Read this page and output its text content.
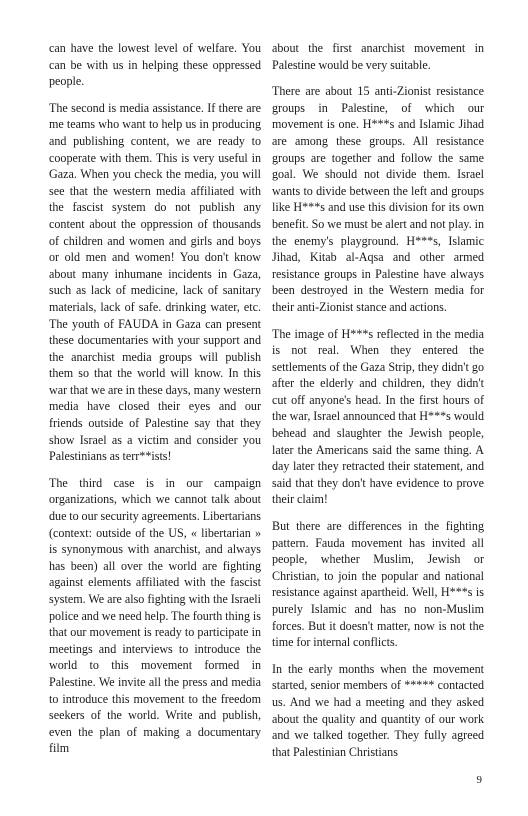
can have the lowest level of welfare. You can be with us in helping these oppressed people.

The second is media assistance. If there are me teams who want to help us in producing and publishing content, we are ready to cooperate with them. This is very useful in Gaza. When you check the media, you will see that the western media affiliated with the fascist system do not publish any content about the oppression of thousands of children and women and girls and boys or old men and women! You don't know about many inhumane incidents in Gaza, such as lack of medicine, lack of sanitary materials, lack of safe. drinking water, etc. The youth of FAUDA in Gaza can present these documentaries with your support and the anarchist media groups will publish them so that the world will know. In this war that we are in these days, many western media have closed their eyes and our friends outside of Palestine say that they show Israel as a victim and consider you Palestinians as terr**ists!

The third case is in our campaign organizations, which we cannot talk about due to our security agreements. Libertarians (context: outside of the US, « libertarian » is synonymous with anarchist, and always has been) all over the world are fighting against elements affiliated with the fascist system. We are also fighting with the Israeli police and we need help. The fourth thing is that our movement is ready to participate in meetings and interviews to introduce the world to this movement formed in Palestine. We invite all the press and media to introduce this movement to the freedom seekers of the world. Write and publish, even the plan of making a documentary film

about the first anarchist movement in Palestine would be very suitable.

There are about 15 anti-Zionist resistance groups in Palestine, of which our movement is one. H***s and Islamic Jihad are among these groups. All resistance groups are together and follow the same goal. We should not divide them. Israel wants to divide between the left and groups like H***s and use this division for its own benefit. So we must be alert and not play. in the enemy's playground. H***s, Islamic Jihad, Kitab al-Aqsa and other armed resistance groups in Palestine have always been destroyed in the Western media for their anti-Zionist stance and actions.

The image of H***s reflected in the media is not real. When they entered the settlements of the Gaza Strip, they didn't go after the elderly and children, they didn't cut off anyone's head. In the first hours of the war, Israel announced that H***s would behead and slaughter the Jewish people, later the Americans said the same thing. A day later they retracted their statement, and said that they don't have evidence to prove their claim!

But there are differences in the fighting pattern. Fauda movement has invited all people, whether Muslim, Jewish or Christian, to join the popular and national resistance against apartheid. Well, H***s is purely Islamic and has no non-Muslim forces. But it doesn't matter, now is not the time for internal conflicts.

In the early months when the movement started, senior members of ***** contacted us. And we had a meeting and they asked about the quality and quantity of our work and we talked together. They fully agreed that Palestinian Christians

9
